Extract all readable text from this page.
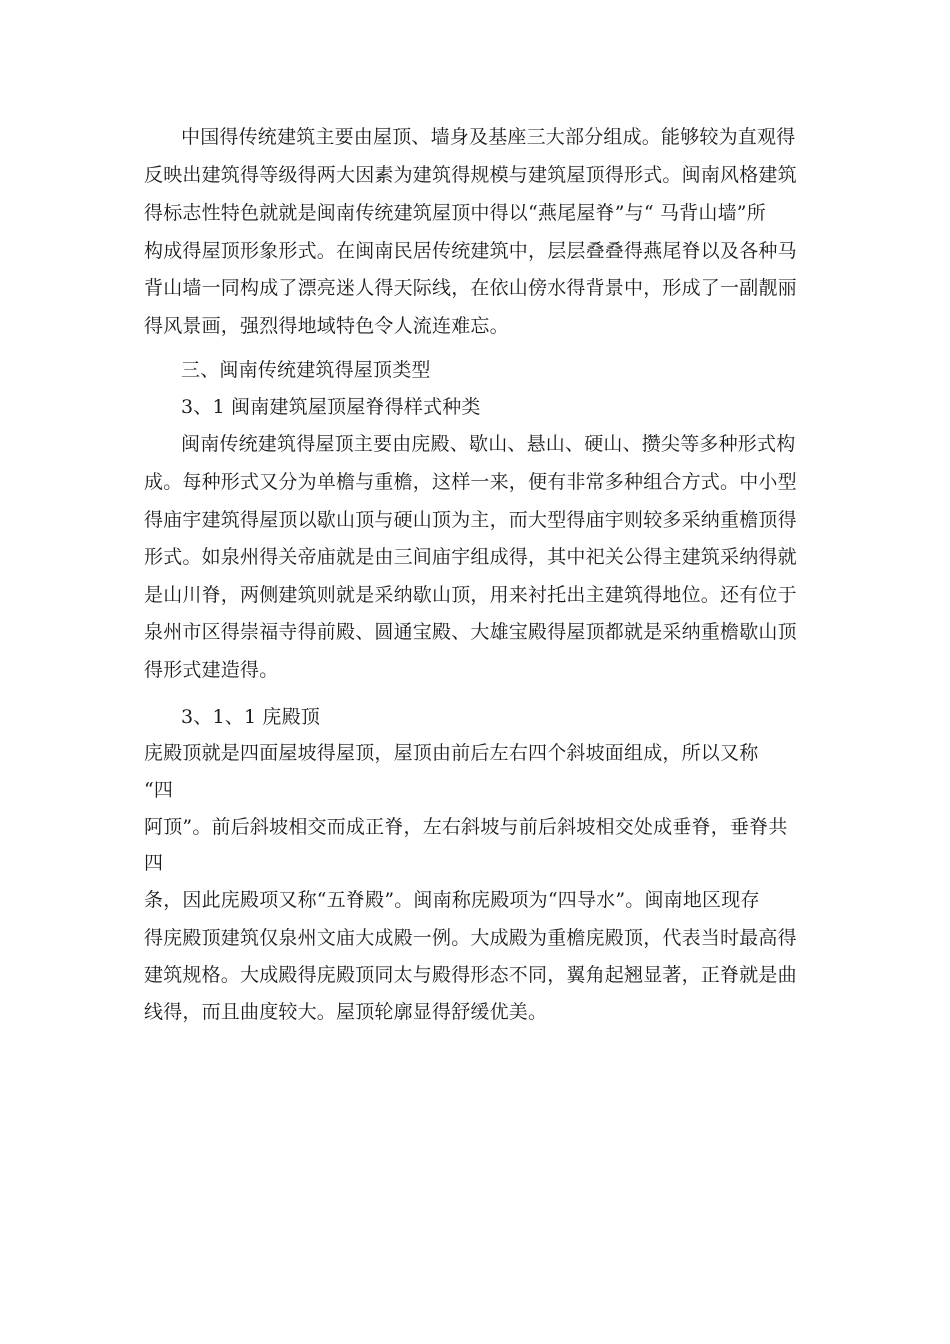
中国得传统建筑主要由屋顶、墙身及基座三大部分组成。能够较为直观得
反映出建筑得等级得两大因素为建筑得规模与建筑屋顶得形式。闽南风格建筑
得标志性特色就就是闽南传统建筑屋顶中得以“燕尾屋脊”与“ 马背山墙”所
构成得屋顶形象形式。在闽南民居传统建筑中，层层叠叠得燕尾脊以及各种马
背山墙一同构成了漂亮迷人得天际线，在依山傍水得背景中，形成了一副靓丽
得风景画，强烈得地域特色令人流连难忘。
三、闽南传统建筑得屋顶类型
3、1 闽南建筑屋顶屋脊得样式种类
闽南传统建筑得屋顶主要由庑殿、歇山、悬山、硬山、攒尖等多种形式构
成。每种形式又分为单檐与重檐，这样一来，便有非常多种组合方式。中小型
得庙宇建筑得屋顶以歇山顶与硬山顶为主，而大型得庙宇则较多采纳重檐顶得
形式。如泉州得关帝庙就是由三间庙宇组成得，其中祀关公得主建筑采纳得就
是山川脊，两侧建筑则就是采纳歇山顶，用来衬托出主建筑得地位。还有位于
泉州市区得崇福寺得前殿、圆通宝殿、大雄宝殿得屋顶都就是采纳重檐歇山顶
得形式建造得。
3、1、1 庑殿顶
庑殿顶就是四面屋坡得屋顶，屋顶由前后左右四个斜坡面组成，所以又称
“四
阿顶”。前后斜坡相交而成正脊，左右斜坡与前后斜坡相交处成垂脊，垂脊共
四
条，因此庑殿项又称“五脊殿”。闽南称庑殿项为“四导水”。闽南地区现存
得庑殿顶建筑仅泉州文庙大成殿一例。大成殿为重檐庑殿顶，代表当时最高得
建筑规格。大成殿得庑殿顶同太与殿得形态不同，翼角起翘显著，正脊就是曲
线得，而且曲度较大。屋顶轮廓显得舒缓优美。
